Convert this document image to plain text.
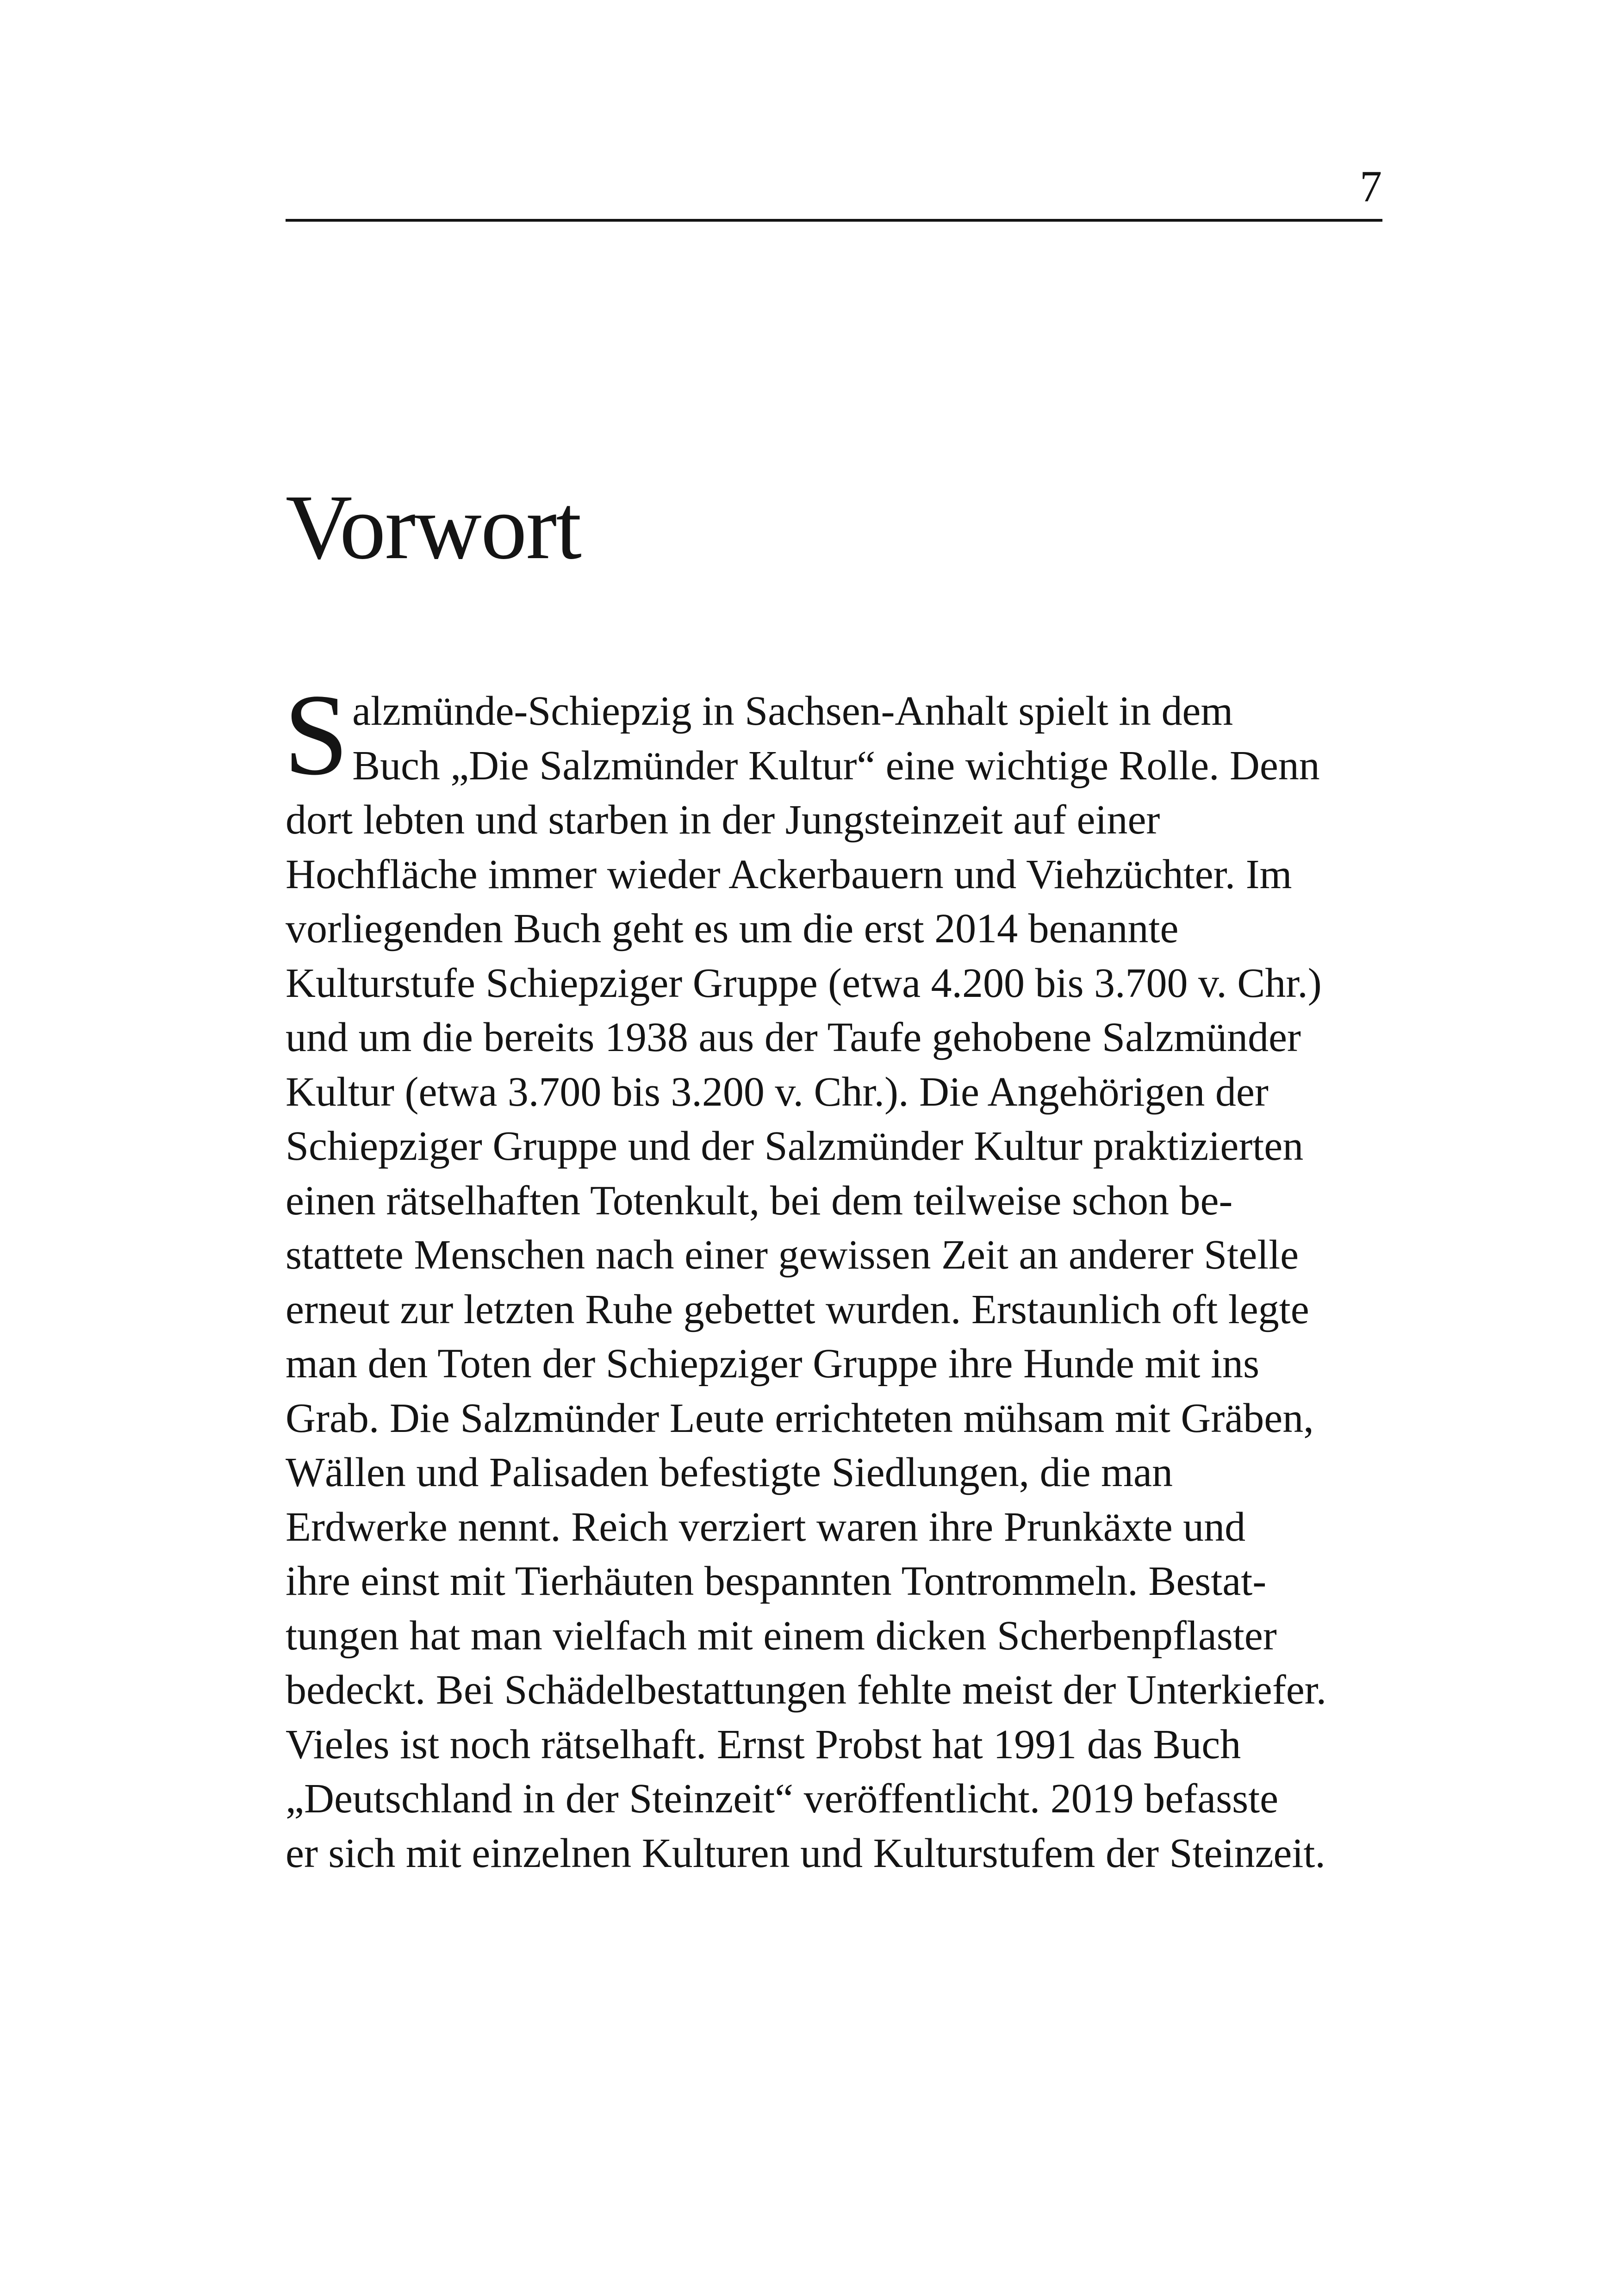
7
Vorwort
S alzmünde-Schiepzig in Sachsen-Anhalt spielt in dem
Buch „Die Salzmünder Kultur“ eine wichtige Rolle. Denn
dort lebten und starben in der Jungsteinzeit auf einer
Hochfläche immer wieder Ackerbauern und Viehzüchter. Im
vorliegenden Buch geht es um die erst 2014 benannte
Kulturstufe Schiepziger Gruppe (etwa 4.200 bis 3.700 v. Chr.)
und um die bereits 1938 aus der Taufe gehobene Salzmünder
Kultur (etwa 3.700 bis 3.200 v. Chr.). Die Angehörigen der
Schiepziger Gruppe und der Salzmünder Kultur praktizierten
einen rätselhaften Totenkult, bei dem teilweise schon be-
stattete Menschen nach einer gewissen Zeit an anderer Stelle
erneut zur letzten Ruhe gebettet wurden. Erstaunlich oft legte
man den Toten der Schiepziger Gruppe ihre Hunde mit ins
Grab. Die Salzmünder Leute errichteten mühsam mit Gräben,
Wällen und Palisaden befestigte Siedlungen, die man
Erdwerke nennt. Reich verziert waren ihre Prunkäxte und
ihre einst mit Tierhäuten bespannten Tontrommeln. Bestat-
tungen hat man vielfach mit einem dicken Scherbenpflaster
bedeckt. Bei Schädelbestattungen fehlte meist der Unterkiefer.
Vieles ist noch rätselhaft. Ernst Probst hat 1991 das Buch
„Deutschland in der Steinzeit“ veröffentlicht. 2019 befasste
er sich mit einzelnen Kulturen und Kulturstufem der Steinzeit.
